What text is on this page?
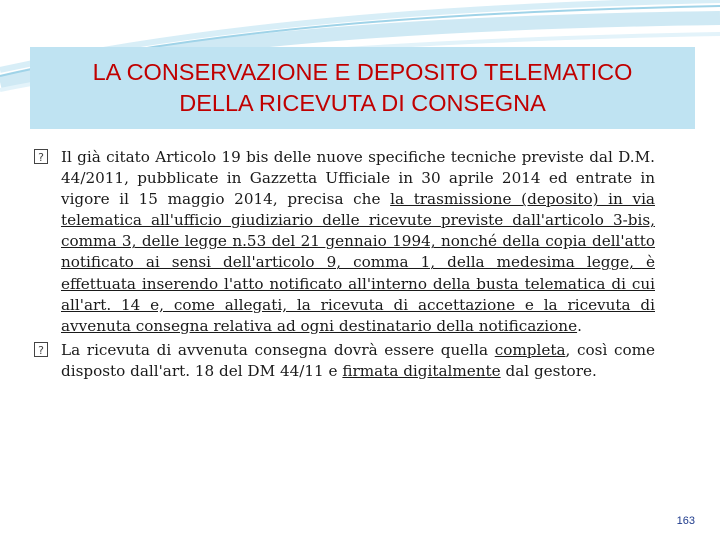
LA CONSERVAZIONE E DEPOSITO TELEMATICO
DELLA RICEVUTA DI CONSEGNA

? Il già citato Articolo 19 bis delle nuove specifiche tecniche previste dal D.M. 44/2011, pubblicate in Gazzetta Ufficiale in 30 aprile 2014 ed entrate in vigore il 15 maggio 2014, precisa che la trasmissione (deposito) in via telematica all'ufficio giudiziario delle ricevute previste dall'articolo 3-bis, comma 3, delle legge n.53 del 21 gennaio 1994, nonché della copia dell'atto notificato ai sensi dell'articolo 9, comma 1, della medesima legge, è effettuata inserendo l'atto notificato all'interno della busta telematica di cui all'art. 14 e, come allegati, la ricevuta di accettazione e la ricevuta di avvenuta consegna relativa ad ogni destinatario della notificazione.

? La ricevuta di avvenuta consegna dovrà essere quella completa, così come disposto dall'art. 18 del DM 44/11 e firmata digitalmente dal gestore.

163
